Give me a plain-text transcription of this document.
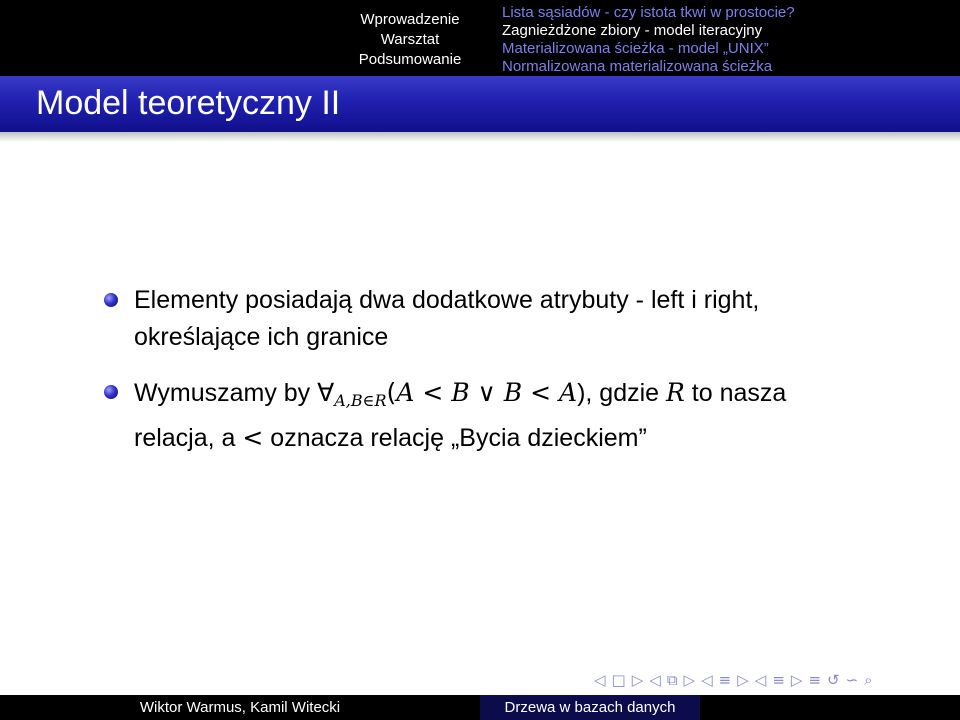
Wprowadzenie
Warsztat
Podsumowanie
Lista sąsiadów - czy istota tkwi w prostocie?
Zagnieżdżone zbiory - model iteracyjny
Materializowana ścieżka - model „UNIX”
Normalizowana materializowana ścieżka
Model teoretyczny II
Elementy posiadają dwa dodatkowe atrybuty - left i right,
określające ich granice
Wymuszamy by $\forall_{A,B\in R}(A < B$ ∨ B < A), gdzie R to nasza
relacja, a < oznacza relację „Bycia dzieckiem”
◁ □ ▷ ◁ ⧉ ▷ ◁ ≡ ▷ ◁ ≡ ▷ ≡ ↺ ∽ ⌕
Wiktor Warmus, Kamil Witecki	Drzewa w bazach danych
